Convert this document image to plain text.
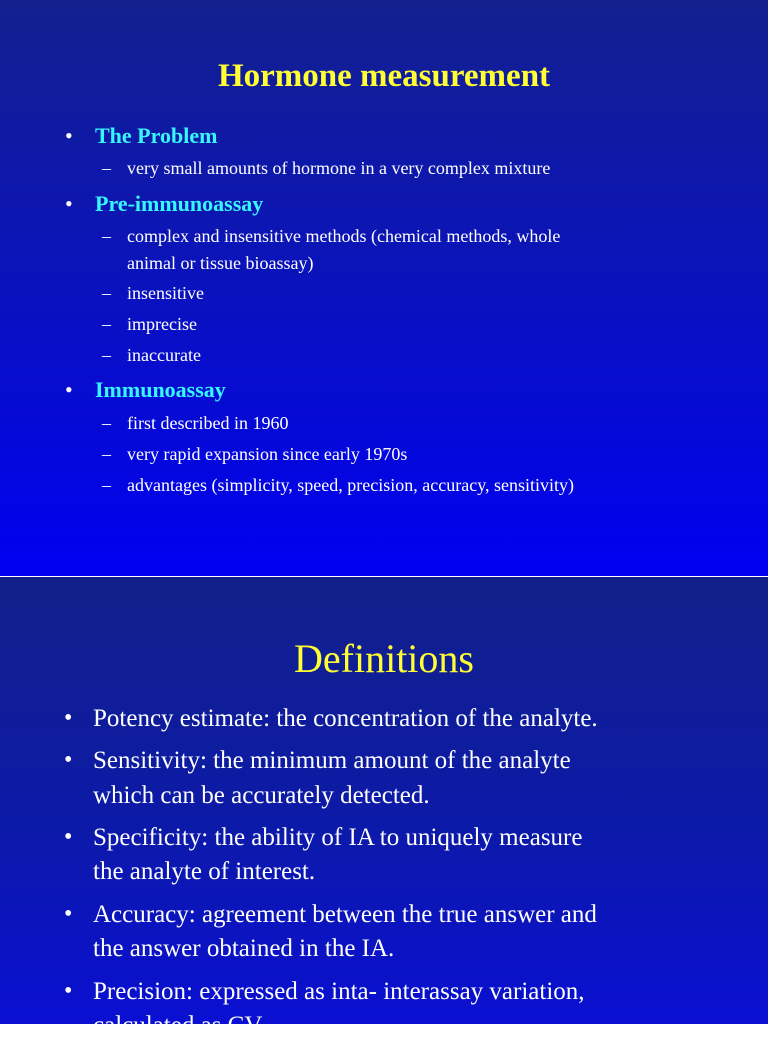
Hormone measurement
• The Problem
– very small amounts of hormone in a very complex mixture
• Pre-immunoassay
– complex and insensitive methods (chemical methods, whole
animal or tissue bioassay)
– insensitive
– imprecise
– inaccurate
• Immunoassay
– first described in 1960
– very rapid expansion since early 1970s
– advantages (simplicity, speed, precision, accuracy, sensitivity)
Definitions
• Potency estimate: the concentration of the analyte.
• Sensitivity: the minimum amount of the analyte
which can be accurately detected.
• Specificity: the ability of IA to uniquely measure
the analyte of interest.
• Accuracy: agreement between the true answer and
the answer obtained in the IA.
• Precision: expressed as inta- interassay variation,
calculated as CV.
